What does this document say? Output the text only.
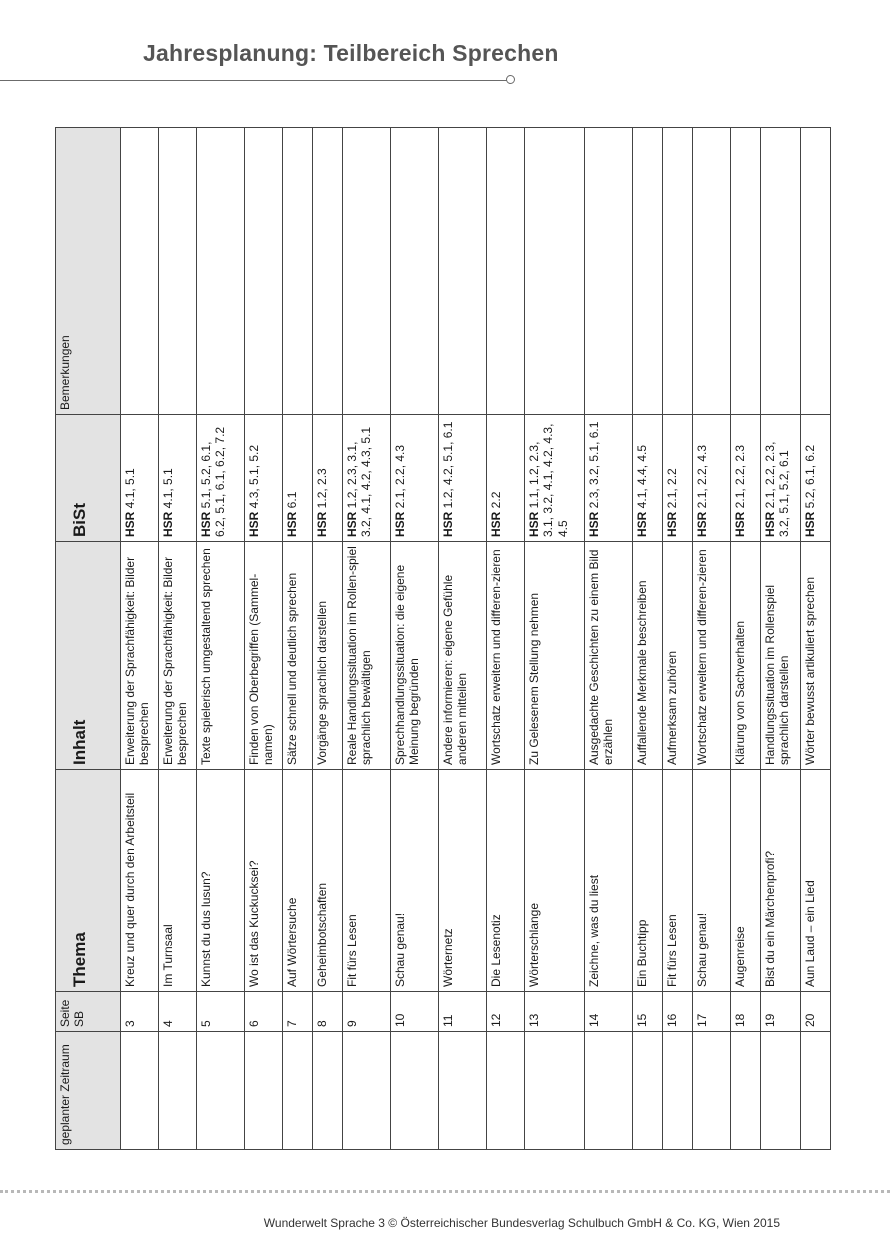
Jahresplanung: Teilbereich Sprechen
geplanter Zeitraum	Seite SB	Thema	Inhalt	BiSt	Bemerkungen
	3	Kreuz und quer durch den Arbeitsteil	Erweiterung der Sprachfähigkeit: Bilder besprechen	HSR 4.1, 5.1	
	4	Im Turnsaal	Erweiterung der Sprachfähigkeit: Bilder besprechen	HSR 4.1, 5.1	
	5	Kunnst du dus lusun?	Texte spielerisch umgestaltend sprechen	HSR 5.1, 5.2, 6.1, 6.2, 5.1, 6.1, 6.2, 7.2	
	6	Wo ist das Kuckucksei?	Finden von Oberbegriffen (Sammel-namen)	HSR 4.3, 5.1, 5.2	
	7	Auf Wörtersuche	Sätze schnell und deutlich sprechen	HSR 6.1	
	8	Geheimbotschaften	Vorgänge sprachlich darstellen	HSR 1.2, 2.3	
	9	Fit fürs Lesen	Reale Handlungssituation im Rollen-spiel sprachlich bewältigen	HSR 1.2, 2.3, 3.1, 3.2, 4.1, 4.2, 4.3, 5.1	
	10	Schau genau!	Sprechhandlungssituation: die eigene Meinung begründen	HSR 2.1, 2.2, 4.3	
	11	Wörternetz	Andere informieren: eigene Gefühle anderen mitteilen	HSR 1.2, 4.2, 5.1, 6.1	
	12	Die Lesenotiz	Wortschatz erweitern und differen-zieren	HSR 2.2	
	13	Wörterschlange	Zu Gelesenem Stellung nehmen	HSR 1.1, 1.2, 2.3, 3.1, 3.2, 4.1, 4.2, 4.3, 4.5	
	14	Zeichne, was du liest	Ausgedachte Geschichten zu einem Bild erzählen	HSR 2.3, 3.2, 5.1, 6.1	
	15	Ein Buchtipp	Auffallende Merkmale beschreiben	HSR 4.1, 4.4, 4.5	
	16	Fit fürs Lesen	Aufmerksam zuhören	HSR 2.1, 2.2	
	17	Schau genau!	Wortschatz erweitern und differen-zieren	HSR 2.1, 2.2, 4.3	
	18	Augenreise	Klärung von Sachverhalten	HSR 2.1, 2.2, 2.3	
	19	Bist du ein Märchenprofi?	Handlungssituation im Rollenspiel sprachlich darstellen	HSR 2.1, 2.2, 2.3, 3.2, 5.1, 5.2, 6.1	
	20	Aun Laud – ein Lied	Wörter bewusst artikuliert sprechen	HSR 5.2, 6.1, 6.2	
Wunderwelt Sprache 3 © Österreichischer Bundesverlag Schulbuch GmbH & Co. KG, Wien 2015
